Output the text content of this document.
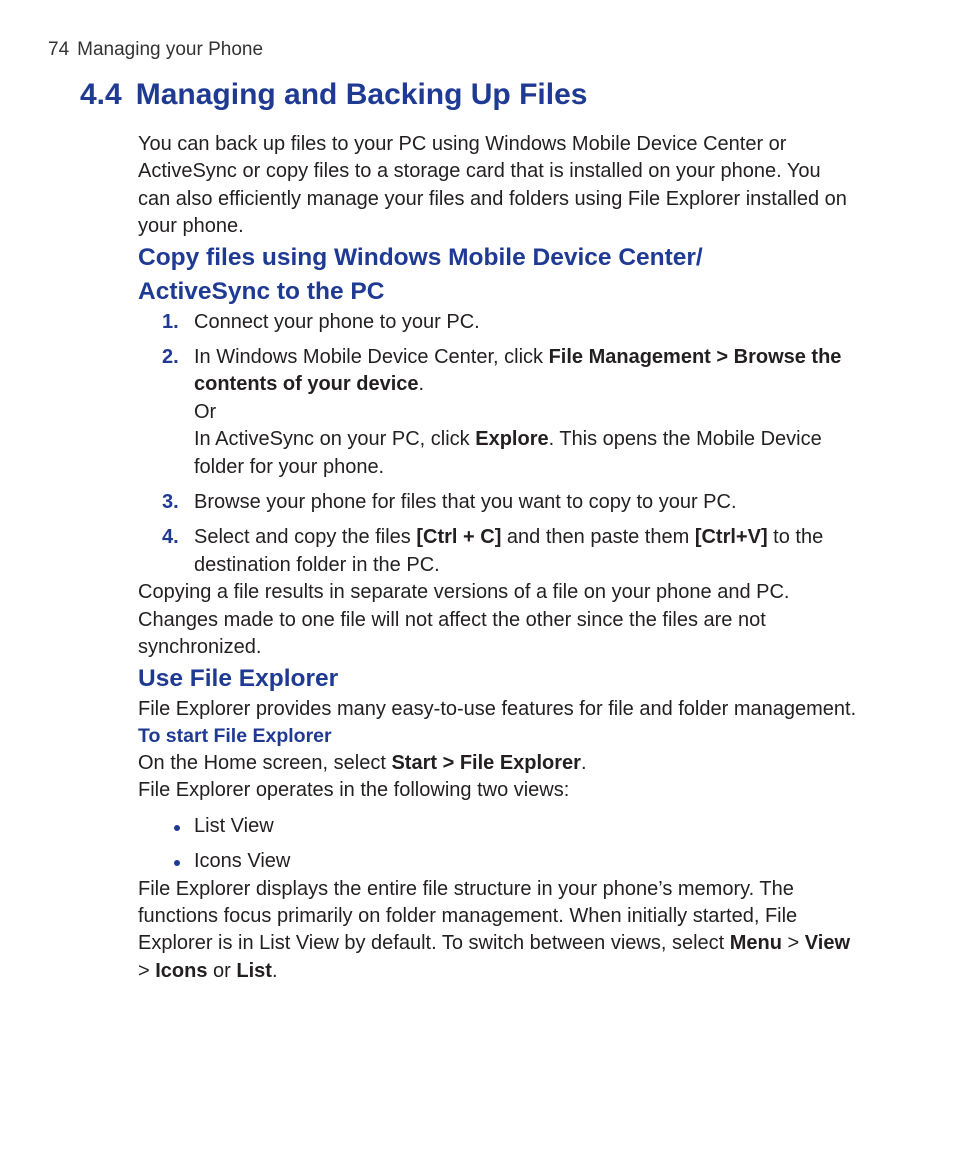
74 Managing your Phone
4.4 Managing and Backing Up Files

You can back up files to your PC using Windows Mobile Device Center or ActiveSync or copy files to a storage card that is installed on your phone. You can also efficiently manage your files and folders using File Explorer installed on your phone.

Copy files using Windows Mobile Device Center/
ActiveSync to the PC
1. Connect your phone to your PC.
2. In Windows Mobile Device Center, click File Management > Browse the contents of your device.
Or
In ActiveSync on your PC, click Explore. This opens the Mobile Device folder for your phone.
3. Browse your phone for files that you want to copy to your PC.
4. Select and copy the files [Ctrl + C] and then paste them [Ctrl+V] to the destination folder in the PC.

Copying a file results in separate versions of a file on your phone and PC. Changes made to one file will not affect the other since the files are not synchronized.

Use File Explorer

File Explorer provides many easy-to-use features for file and folder management.

To start File Explorer

On the Home screen, select Start > File Explorer.

File Explorer operates in the following two views:

List View
Icons View

File Explorer displays the entire file structure in your phone’s memory. The functions focus primarily on folder management. When initially started, File Explorer is in List View by default. To switch between views, select Menu > View > Icons or List.
